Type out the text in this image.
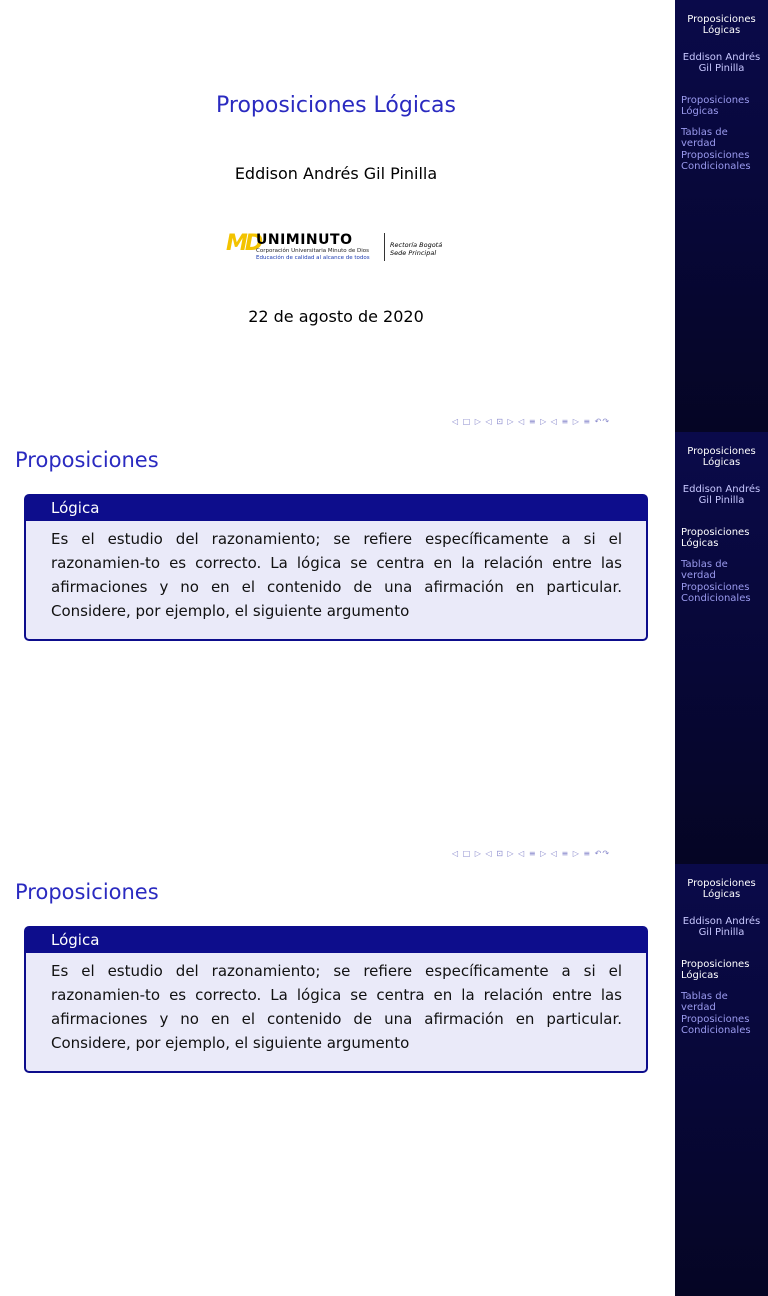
Proposiciones Lógicas
Eddison Andrés Gil Pinilla
MD
UNIMINUTO
Corporación Universitaria Minuto de Dios
Educación de calidad al alcance de todos
Rectoría Bogotá
Sede Principal
22 de agosto de 2020
◁ □ ▷ ◁ ⊡ ▷ ◁ ≡ ▷ ◁ ≡ ▷ ≡ ↶↷
Proposiciones Lógicas
Eddison Andrés Gil Pinilla
Proposiciones Lógicas
Tablas de verdad
Proposiciones Condicionales
Proposiciones
Lógica
Es el estudio del razonamiento; se refiere específicamente a si el razonamien-to es correcto. La lógica se centra en la relación entre las afirmaciones y no en el contenido de una afirmación en particular. Considere, por ejemplo, el siguiente argumento
◁ □ ▷ ◁ ⊡ ▷ ◁ ≡ ▷ ◁ ≡ ▷ ≡ ↶↷
Proposiciones Lógicas
Eddison Andrés Gil Pinilla
Proposiciones Lógicas
Tablas de verdad
Proposiciones Condicionales
Proposiciones
Lógica
Es el estudio del razonamiento; se refiere específicamente a si el razonamien-to es correcto. La lógica se centra en la relación entre las afirmaciones y no en el contenido de una afirmación en particular. Considere, por ejemplo, el siguiente argumento
Proposiciones Lógicas
Eddison Andrés Gil Pinilla
Proposiciones Lógicas
Tablas de verdad
Proposiciones Condicionales
